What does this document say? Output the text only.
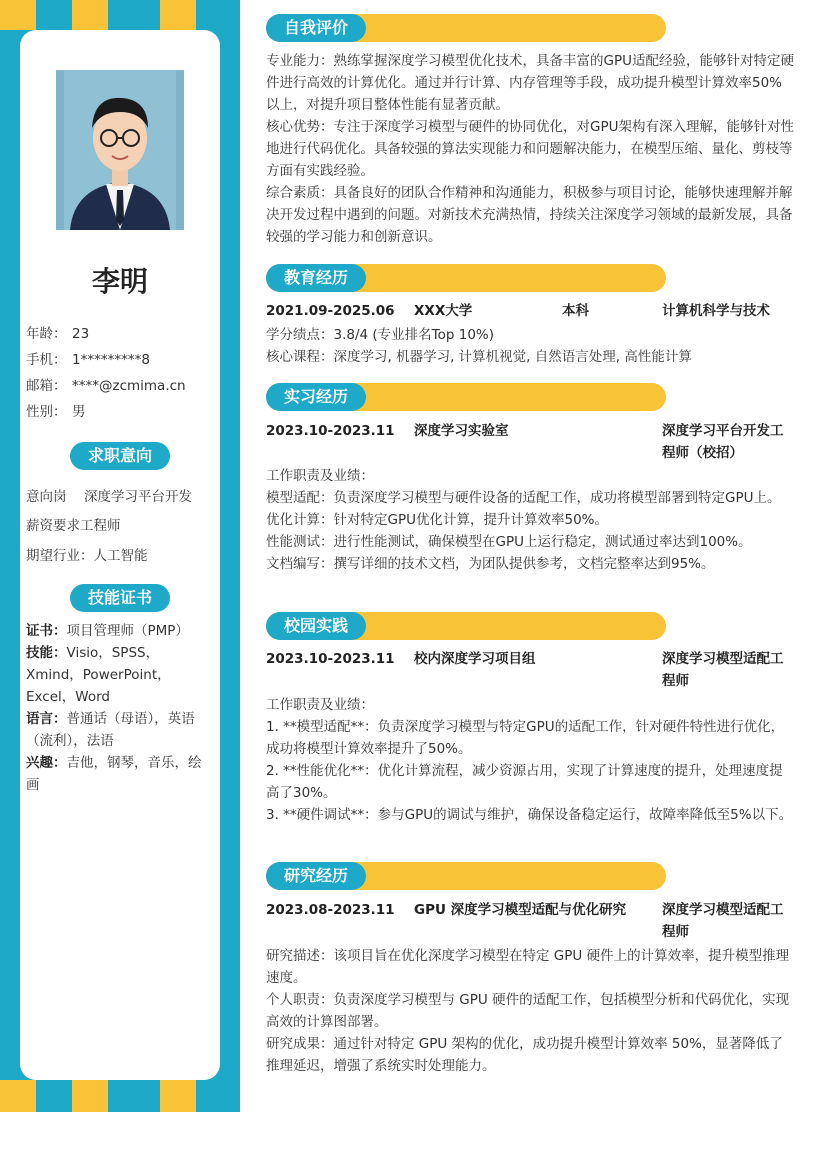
李明
年龄： 23
手机： 1*********8
邮箱： ****@zcmima.cn
性别： 男
求职意向
意向岗 深度学习平台开发
薪资要求工程师
期望行业：人工智能
技能证书
证书：项目管理师（PMP）
技能：Visio，SPSS，Xmind，PowerPoint，Excel，Word
语言：普通话（母语），英语（流利），法语
兴趣：吉他，钢琴，音乐，绘画
自我评价
专业能力：熟练掌握深度学习模型优化技术，具备丰富的GPU适配经验，能够针对特定硬件进行高效的计算优化。通过并行计算、内存管理等手段，成功提升模型计算效率50%以上，对提升项目整体性能有显著贡献。
核心优势：专注于深度学习模型与硬件的协同优化，对GPU架构有深入理解，能够针对性地进行代码优化。具备较强的算法实现能力和问题解决能力，在模型压缩、量化、剪枝等方面有实践经验。
综合素质：具备良好的团队合作精神和沟通能力，积极参与项目讨论，能够快速理解并解决开发过程中遇到的问题。对新技术充满热情，持续关注深度学习领域的最新发展，具备较强的学习能力和创新意识。
教育经历
2021.09-2025.06 XXX大学	本科	计算机科学与技术
学分绩点：3.8/4 (专业排名Top 10%)
核心课程：深度学习, 机器学习, 计算机视觉, 自然语言处理, 高性能计算
实习经历
2023.10-2023.11 深度学习实验室	深度学习平台开发工程师（校招）
工作职责及业绩：
模型适配：负责深度学习模型与硬件设备的适配工作，成功将模型部署到特定GPU上。
优化计算：针对特定GPU优化计算，提升计算效率50%。
性能测试：进行性能测试，确保模型在GPU上运行稳定，测试通过率达到100%。
文档编写：撰写详细的技术文档，为团队提供参考，文档完整率达到95%。
校园实践
2023.10-2023.11 校内深度学习项目组	深度学习模型适配工程师
工作职责及业绩：
1. **模型适配**：负责深度学习模型与特定GPU的适配工作，针对硬件特性进行优化，成功将模型计算效率提升了50%。
2. **性能优化**：优化计算流程，减少资源占用，实现了计算速度的提升，处理速度提高了30%。
3. **硬件调试**：参与GPU的调试与维护，确保设备稳定运行，故障率降低至5%以下。
研究经历
2023.08-2023.11 GPU 深度学习模型适配与优化研究	深度学习模型适配工程师
研究描述：该项目旨在优化深度学习模型在特定 GPU 硬件上的计算效率，提升模型推理速度。
个人职责：负责深度学习模型与 GPU 硬件的适配工作，包括模型分析和代码优化，实现高效的计算图部署。
研究成果：通过针对特定 GPU 架构的优化，成功提升模型计算效率 50%，显著降低了推理延迟，增强了系统实时处理能力。
